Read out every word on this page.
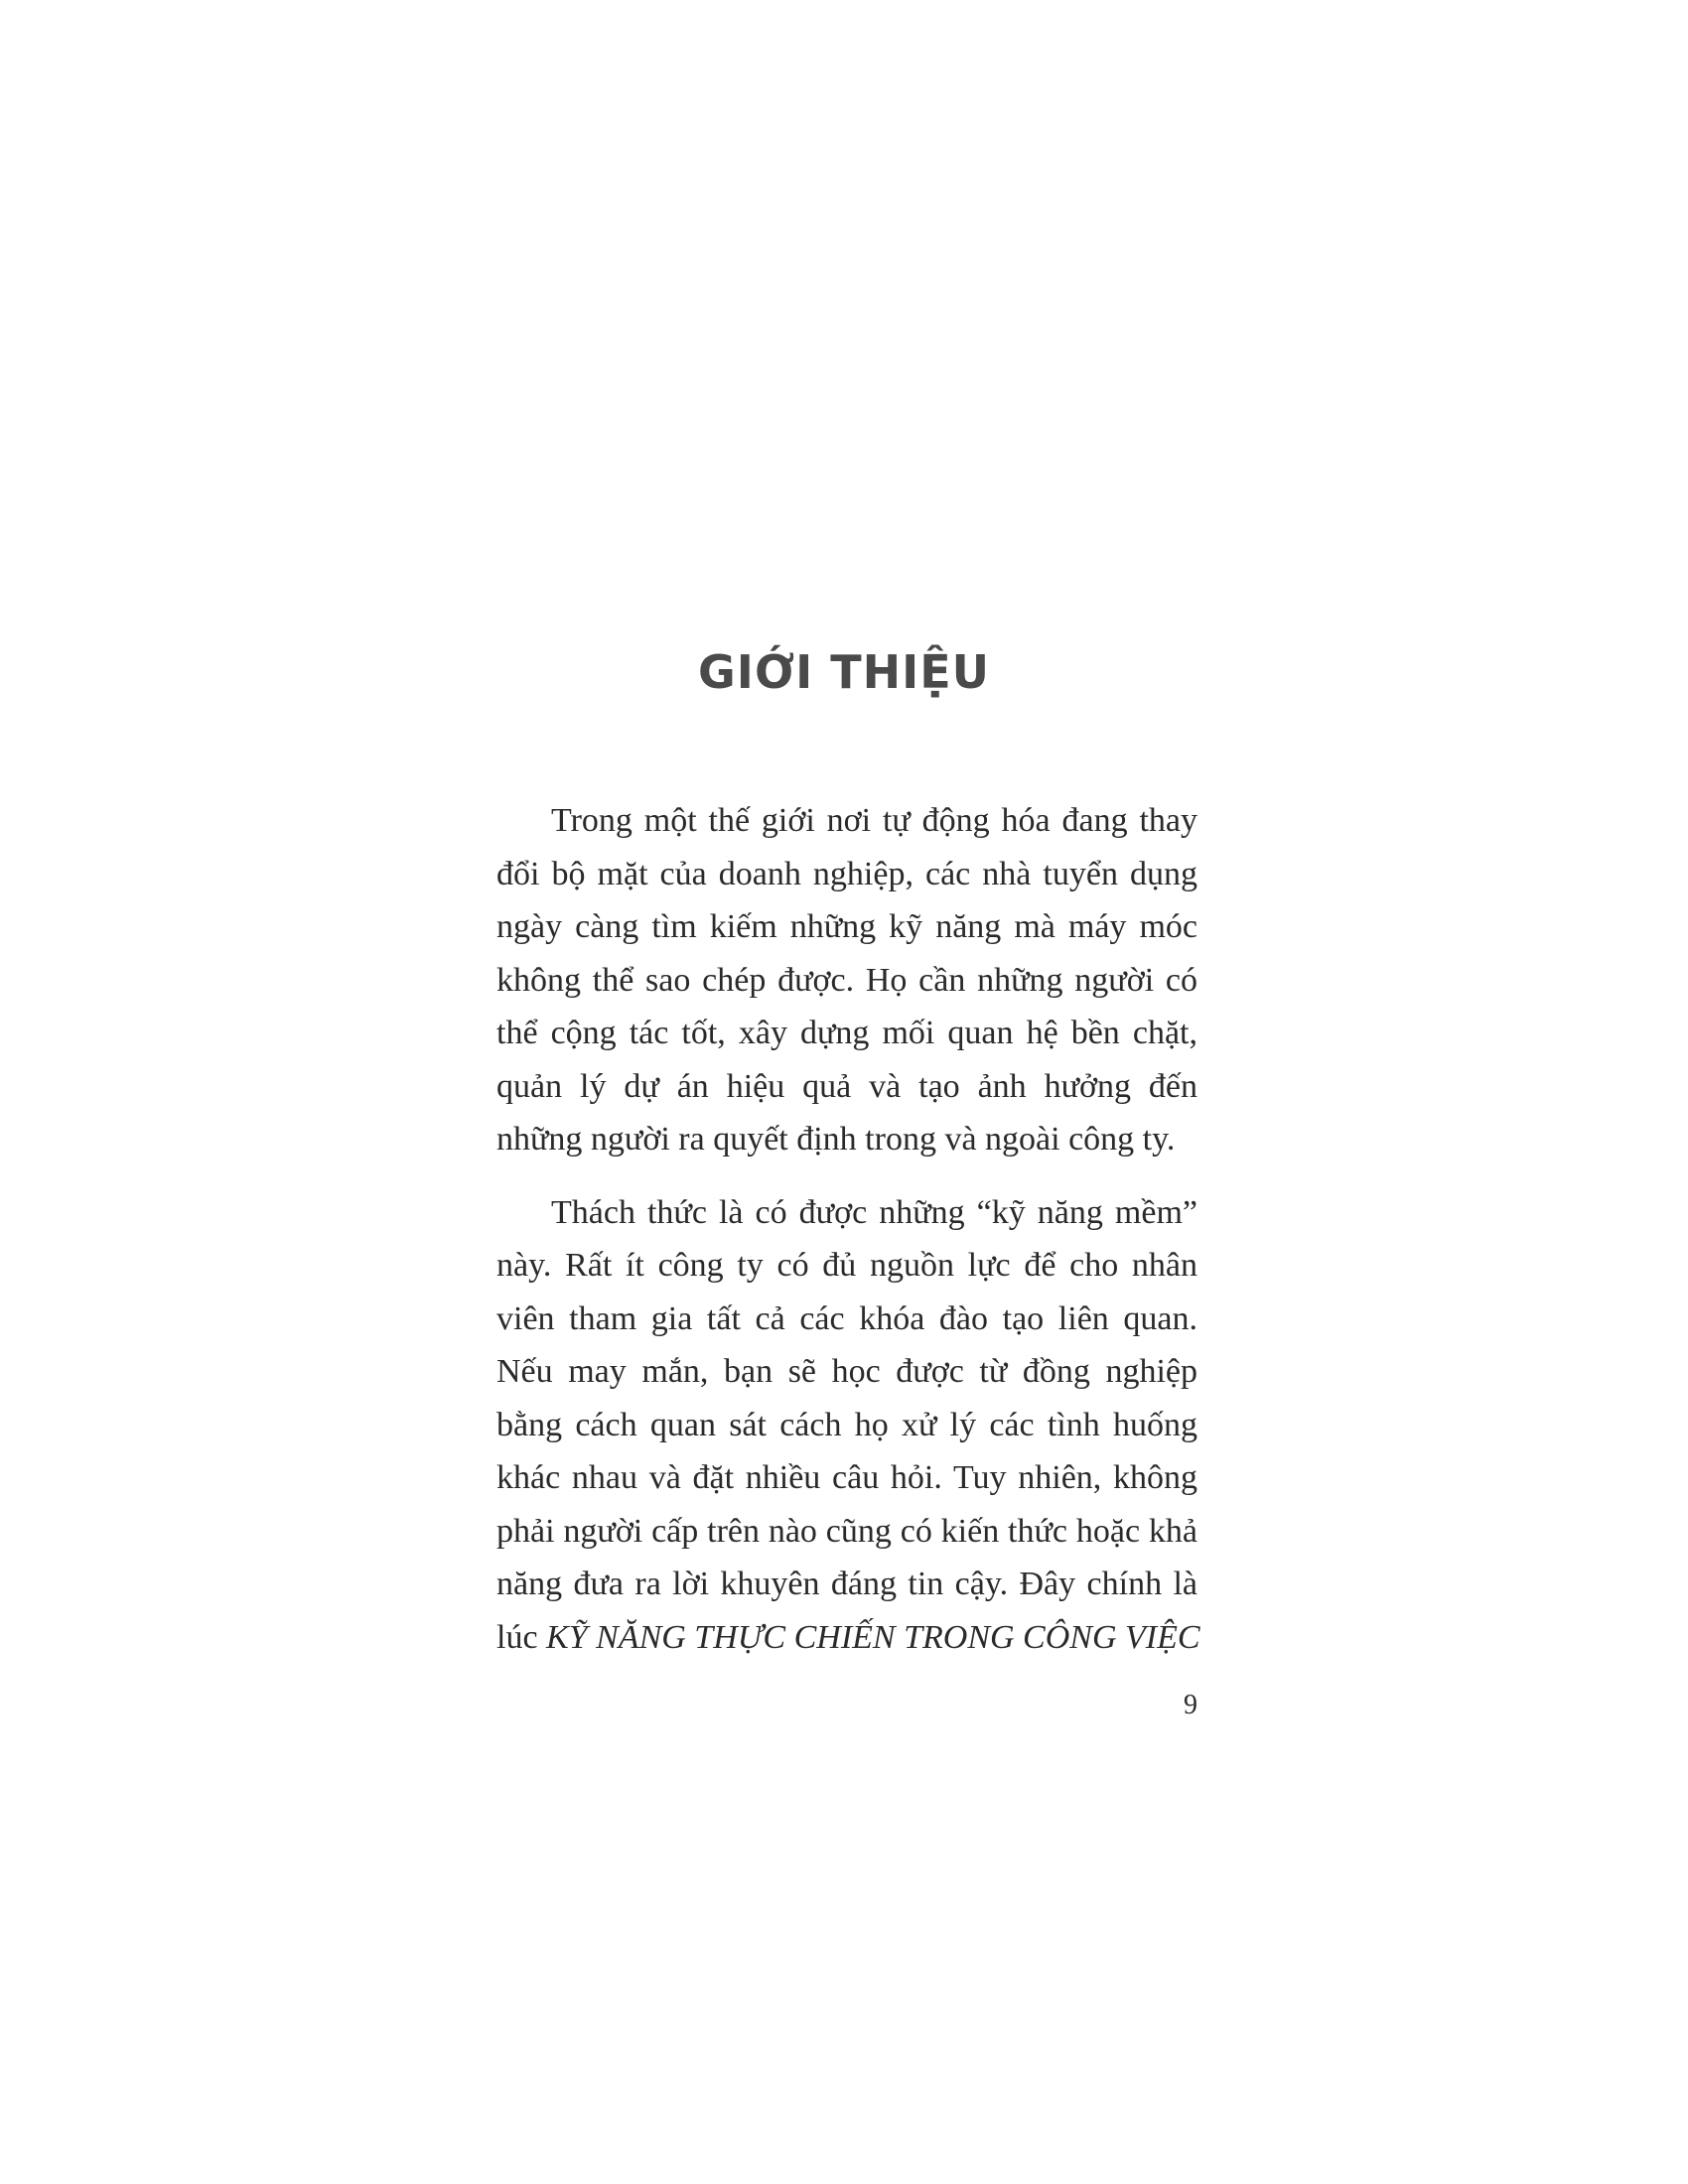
GIỚI THIỆU

Trong một thế giới nơi tự động hóa đang thay
đổi bộ mặt của doanh nghiệp, các nhà tuyển dụng
ngày càng tìm kiếm những kỹ năng mà máy móc
không thể sao chép được. Họ cần những người có
thể cộng tác tốt, xây dựng mối quan hệ bền chặt,
quản lý dự án hiệu quả và tạo ảnh hưởng đến
những người ra quyết định trong và ngoài công ty.

Thách thức là có được những “kỹ năng mềm”
này. Rất ít công ty có đủ nguồn lực để cho nhân
viên tham gia tất cả các khóa đào tạo liên quan.
Nếu may mắn, bạn sẽ học được từ đồng nghiệp
bằng cách quan sát cách họ xử lý các tình huống
khác nhau và đặt nhiều câu hỏi. Tuy nhiên, không
phải người cấp trên nào cũng có kiến thức hoặc khả
năng đưa ra lời khuyên đáng tin cậy. Đây chính là
lúc KỸ NĂNG THỰC CHIẾN TRONG CÔNG VIỆC

9
